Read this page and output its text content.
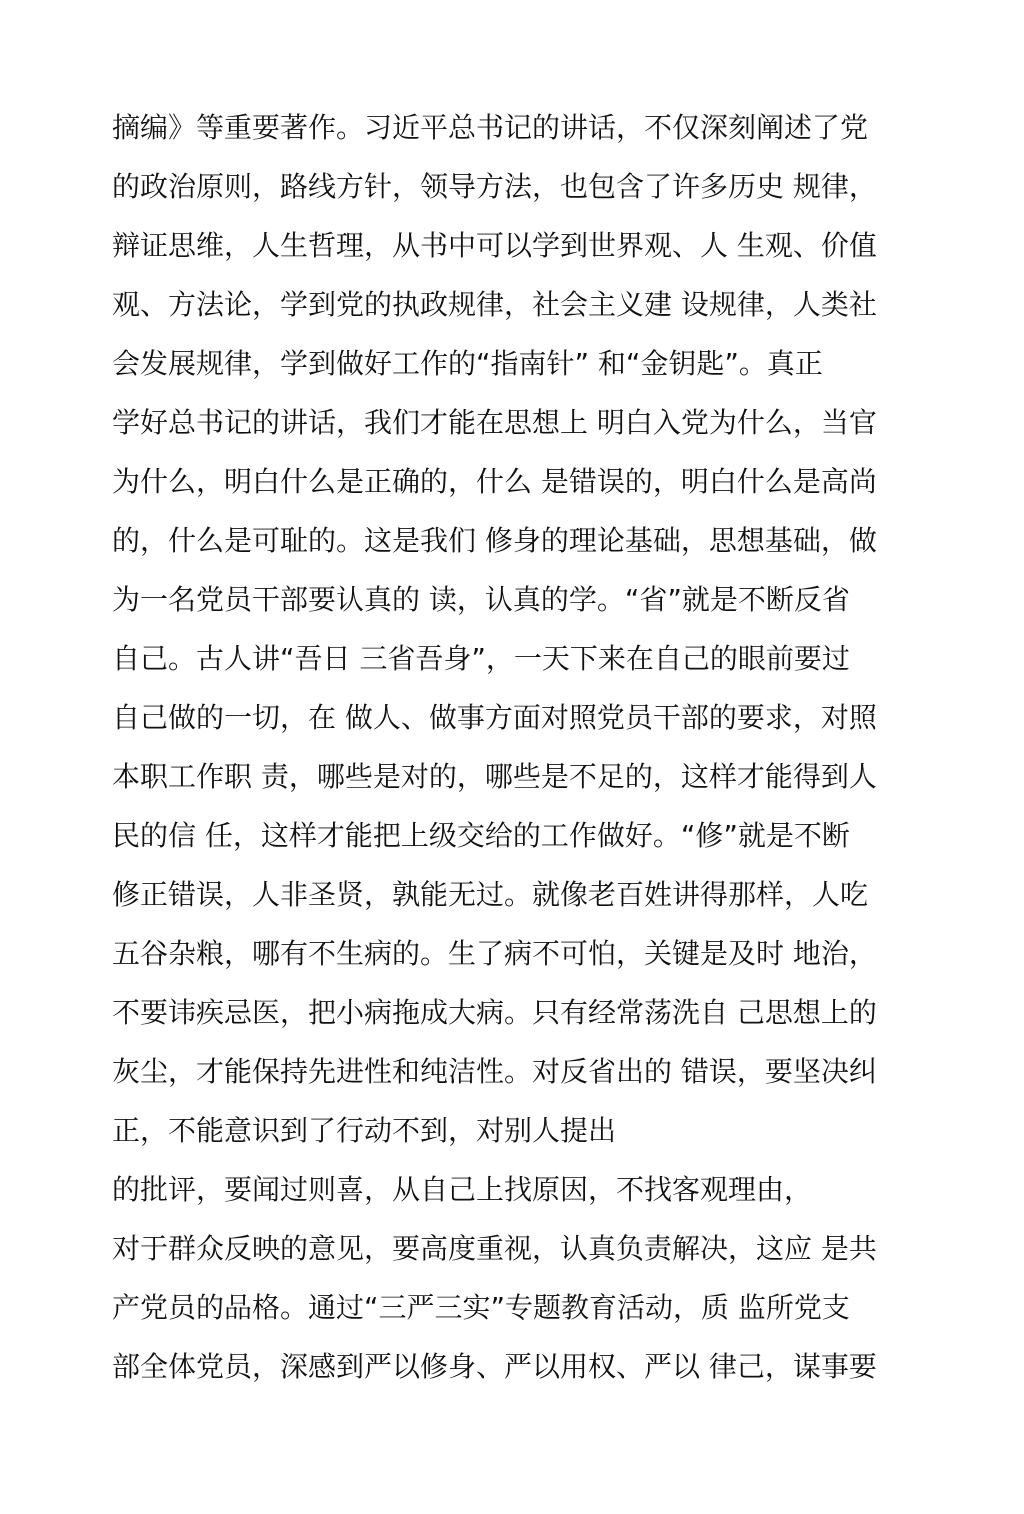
摘编》等重要著作。习近平总书记的讲话，不仅深刻阐述了党
的政治原则，路线方针，领导方法，也包含了许多历史 规律，
辩证思维，人生哲理，从书中可以学到世界观、人 生观、价值
观、方法论，学到党的执政规律，社会主义建 设规律，人类社
会发展规律，学到做好工作的“指南针” 和“金钥匙”。真正
学好总书记的讲话，我们才能在思想上 明白入党为什么，当官
为什么，明白什么是正确的，什么 是错误的，明白什么是高尚
的，什么是可耻的。这是我们 修身的理论基础，思想基础，做
为一名党员干部要认真的 读，认真的学。“省”就是不断反省
自己。古人讲“吾日 三省吾身”，一天下来在自己的眼前要过
自己做的一切，在 做人、做事方面对照党员干部的要求，对照
本职工作职 责，哪些是对的，哪些是不足的，这样才能得到人
民的信 任，这样才能把上级交给的工作做好。“修”就是不断
修正错误，人非圣贤，孰能无过。就像老百姓讲得那样，人吃
五谷杂粮，哪有不生病的。生了病不可怕，关键是及时 地治，
不要讳疾忌医，把小病拖成大病。只有经常荡洗自 己思想上的
灰尘，才能保持先进性和纯洁性。对反省出的 错误，要坚决纠
正，不能意识到了行动不到，对别人提出
的批评，要闻过则喜，从自己上找原因，不找客观理由，
对于群众反映的意见，要高度重视，认真负责解决，这应 是共
产党员的品格。通过“三严三实”专题教育活动，质 监所党支
部全体党员，深感到严以修身、严以用权、严以 律己，谋事要
